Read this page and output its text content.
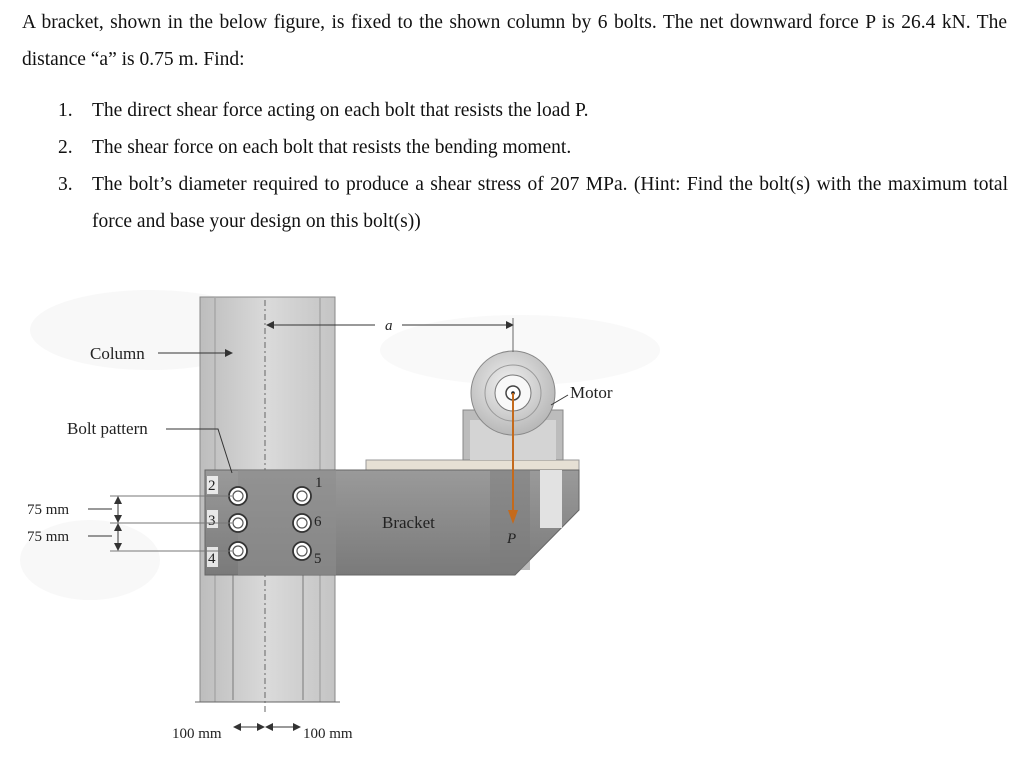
A bracket, shown in the below figure, is fixed to the shown column by 6 bolts. The net downward force P is 26.4 kN. The distance “a” is 0.75 m. Find:
1. The direct shear force acting on each bolt that resists the load P.
2. The shear force on each bolt that resists the bending moment.
3. The bolt’s diameter required to produce a shear stress of 207 MPa. (Hint: Find the bolt(s) with the maximum total force and base your design on this bolt(s))
2
3
4
1
6
5
Column
Bolt pattern
Motor
Bracket
P
a
75 mm
75 mm
100 mm	100 mm
